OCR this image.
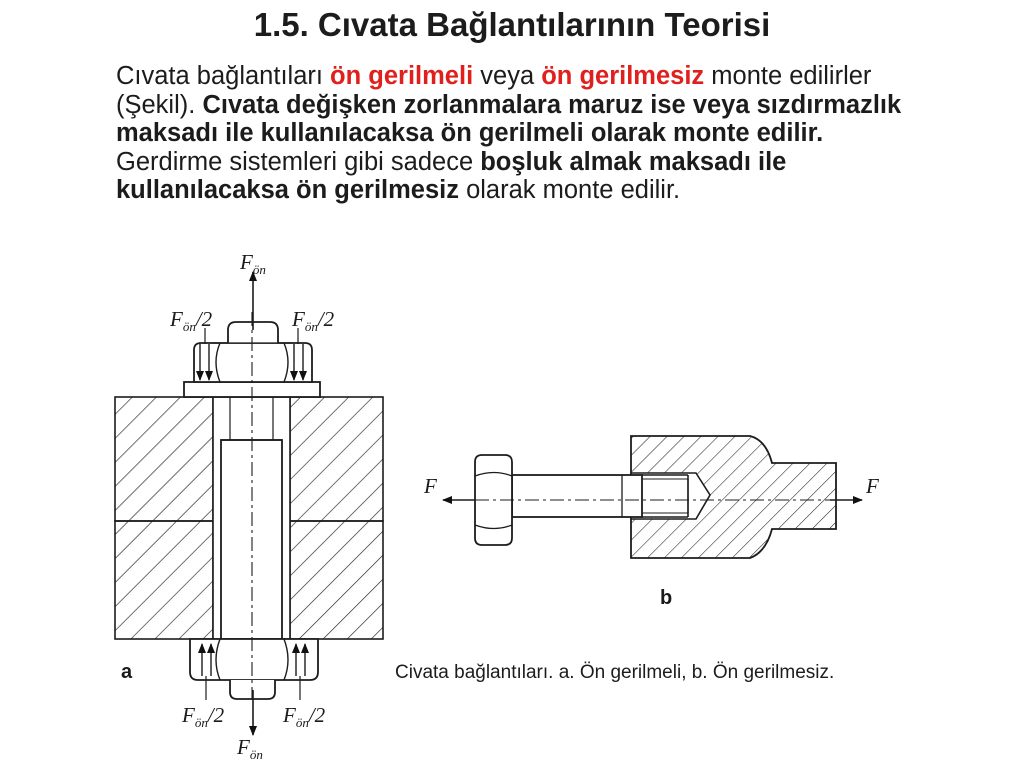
1.5. Cıvata Bağlantılarının Teorisi
Cıvata bağlantıları ön gerilmeli veya ön gerilmesiz monte edilirler (Şekil). Cıvata değişken zorlanmalara maruz ise veya sızdırmazlık maksadı ile kullanılacaksa ön gerilmeli olarak monte edilir. Gerdirme sistemleri gibi sadece boşluk almak maksadı ile kullanılacaksa ön gerilmesiz olarak monte edilir.
$F_{ön}$
$F_{ön}/2$	$F_{ön}/2$
$F_{ön}/2$	$F_{ön}/2$
$F_{ön}$
F	F
a
b
Civata bağlantıları. a. Ön gerilmeli, b. Ön gerilmesiz.
